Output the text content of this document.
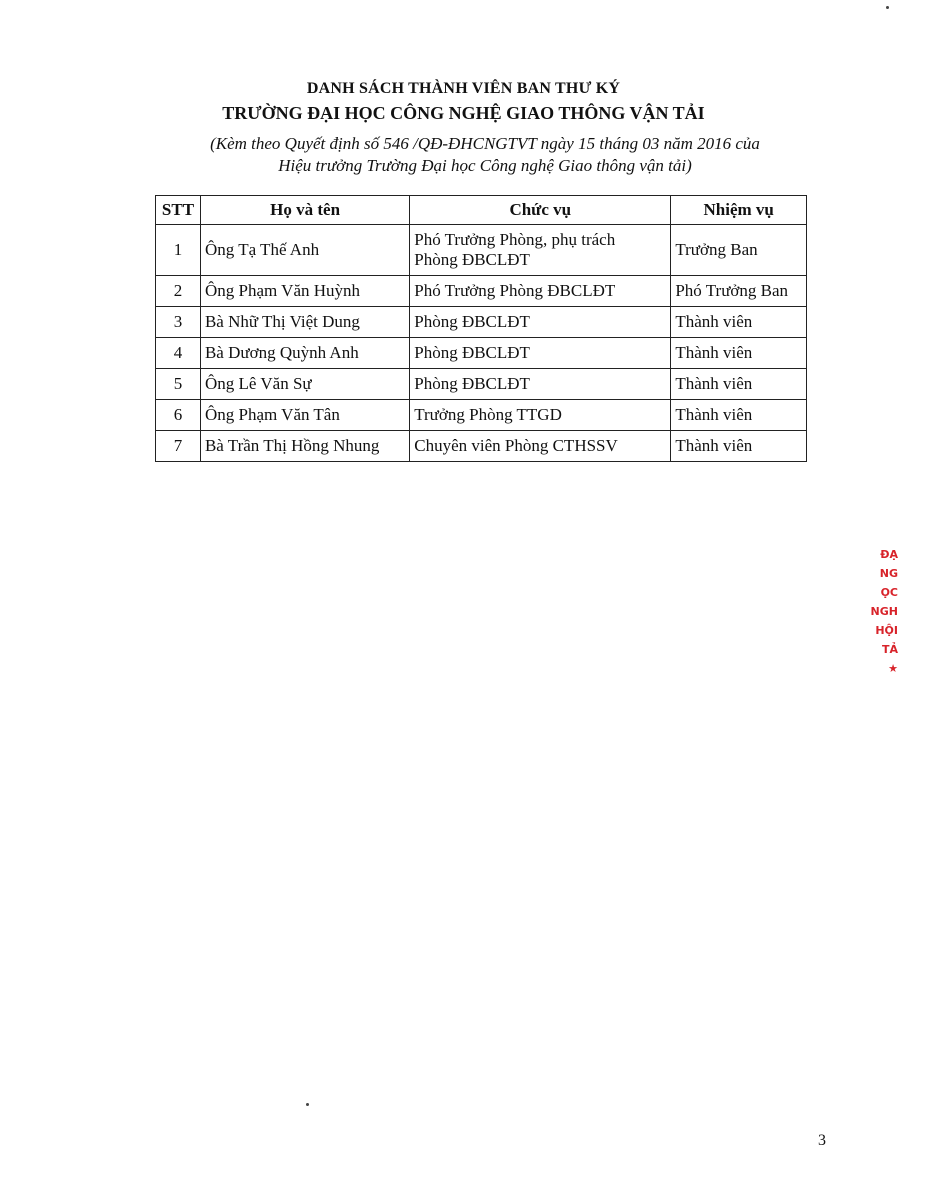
DANH SÁCH THÀNH VIÊN BAN THƯ KÝ
TRƯỜNG ĐẠI HỌC CÔNG NGHỆ GIAO THÔNG VẬN TẢI
(Kèm theo Quyết định số 546 /QĐ-ĐHCNGTVT ngày 15 tháng 03 năm 2016 của
Hiệu trưởng Trường Đại học Công nghệ Giao thông vận tải)
STT	Họ và tên	Chức vụ	Nhiệm vụ
1	Ông Tạ Thế Anh	Phó Trưởng Phòng, phụ trách
Phòng ĐBCLĐT	Trưởng Ban
2	Ông Phạm Văn Huỳnh	Phó Trưởng Phòng ĐBCLĐT	Phó Trưởng Ban
3	Bà Nhữ Thị Việt Dung	Phòng ĐBCLĐT	Thành viên
4	Bà Dương Quỳnh Anh	Phòng ĐBCLĐT	Thành viên
5	Ông Lê Văn Sự	Phòng ĐBCLĐT	Thành viên
6	Ông Phạm Văn Tân	Trưởng Phòng TTGD	Thành viên
7	Bà Trần Thị Hồng Nhung	Chuyên viên Phòng CTHSSV	Thành viên
ĐẠ
NG
ỌC
NGH
HỘI
TẢ
★
3
